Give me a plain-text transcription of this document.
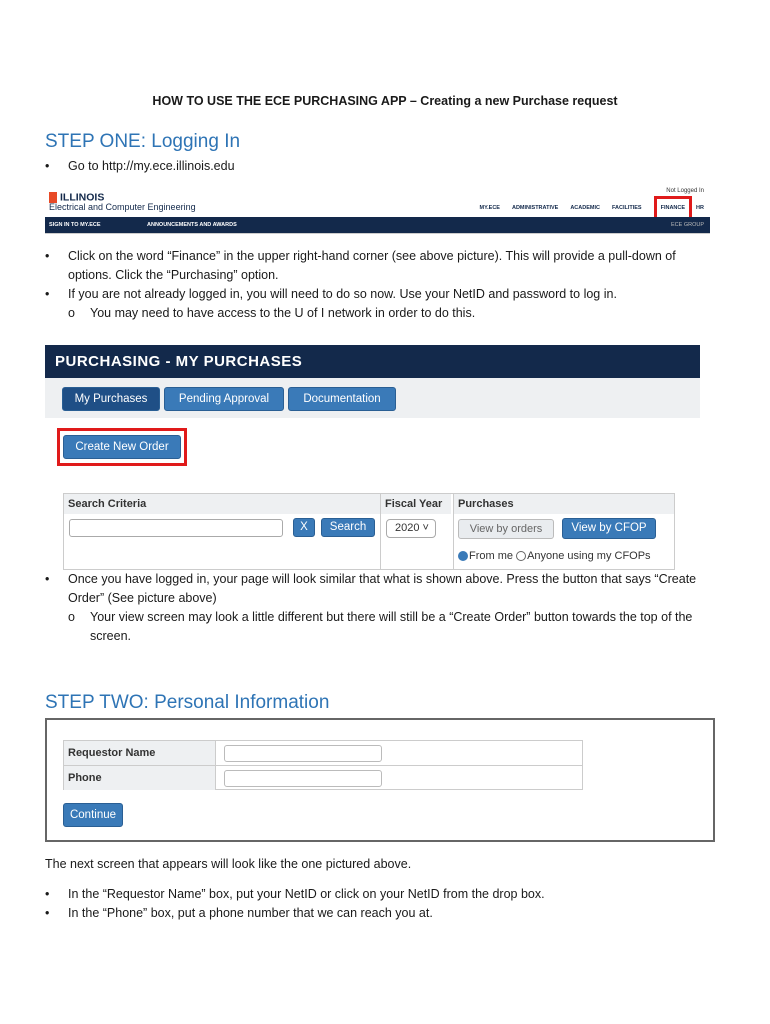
HOW TO USE THE ECE PURCHASING APP – Creating a new Purchase request
STEP ONE: Logging In
• Go to http://my.ece.illinois.edu
ILLINOIS
Electrical and Computer Engineering
Not Logged In
MY.ECE ADMINISTRATIVE ACADEMIC FACILITIES	FINANCE HR
SIGN IN TO MY.ECE	ANNOUNCEMENTS AND AWARDS	ECE GROUP
• Click on the word “Finance” in the upper right-hand corner (see above picture). This will provide a pull-down of options. Click the “Purchasing” option.
• If you are not already logged in, you will need to do so now. Use your NetID and password to log in.
o You may need to have access to the U of I network in order to do this.
PURCHASING - MY PURCHASES
My Purchases	Pending Approval	Documentation
Create New Order
Search Criteria	Fiscal Year	Purchases
X	Search	2020 ˅	View by orders	View by CFOP
From me Anyone using my CFOPs
• Once you have logged in, your page will look similar that what is shown above. Press the button that says “Create Order” (See picture above)
o Your view screen may look a little different but there will still be a “Create Order” button towards the top of the screen.
STEP TWO: Personal Information
Requestor Name
Phone
Continue
The next screen that appears will look like the one pictured above.
• In the “Requestor Name” box, put your NetID or click on your NetID from the drop box.
• In the “Phone” box, put a phone number that we can reach you at.
